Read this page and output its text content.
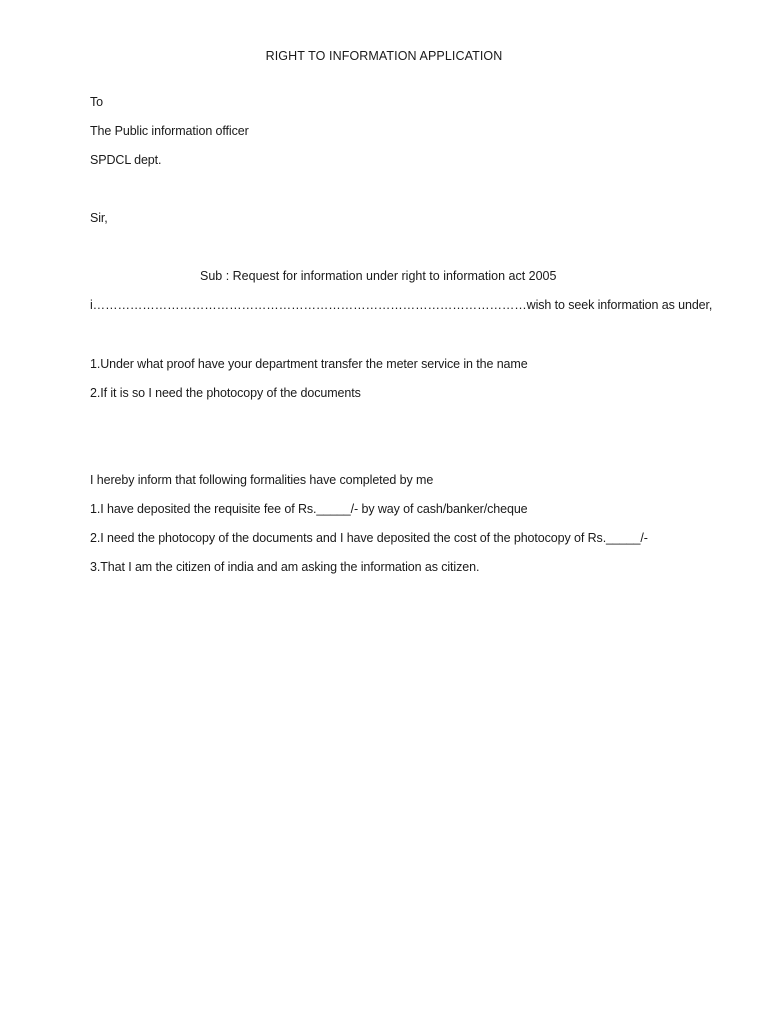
RIGHT TO INFORMATION APPLICATION
To
The Public information officer
SPDCL dept.
Sir,
Sub : Request for information under right to information act 2005
i……………………………………………………………………………………………wish to seek information as under,
1.Under what proof have your department transfer the meter service in the name
2.If it is so I need the photocopy of the documents
I hereby inform that following formalities have completed by me
1.I have deposited the requisite fee of Rs._____/- by way of cash/banker/cheque
2.I need the photocopy of the documents and I have deposited the cost of the photocopy of Rs._____/-
3.That I am the citizen of india and am asking the information as citizen.
